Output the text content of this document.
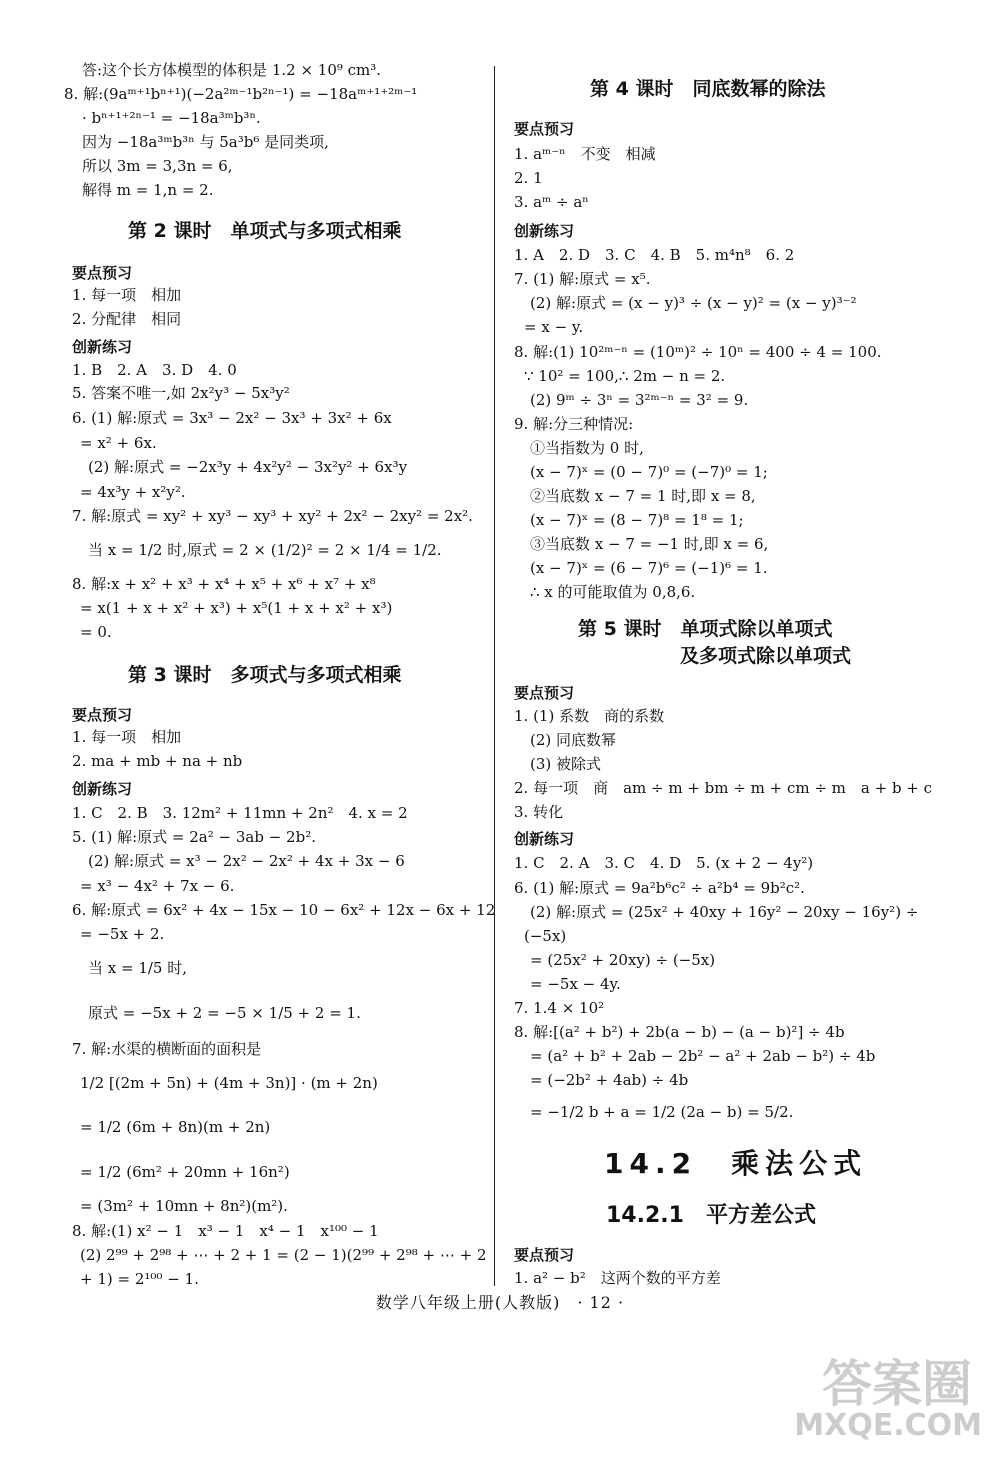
答:这个长方体模型的体积是 1.2 × 10⁹ cm³.
8. 解:(9aᵐ⁺¹bⁿ⁺¹)(−2a²ᵐ⁻¹b²ⁿ⁻¹) = −18aᵐ⁺¹⁺²ᵐ⁻¹
· bⁿ⁺¹⁺²ⁿ⁻¹ = −18a³ᵐb³ⁿ.
因为 −18a³ᵐb³ⁿ 与 5a³b⁶ 是同类项,
所以 3m = 3,3n = 6,
解得 m = 1,n = 2.
第 2 课时　单项式与多项式相乘
要点预习
1. 每一项　相加
2. 分配律　相同
创新练习
1. B　2. A　3. D　4. 0
5. 答案不唯一,如 2x²y³ − 5x³y²
6. (1) 解:原式 = 3x³ − 2x² − 3x³ + 3x² + 6x
= x² + 6x.
(2) 解:原式 = −2x³y + 4x²y² − 3x²y² + 6x³y
= 4x³y + x²y².
7. 解:原式 = xy² + xy³ − xy³ + xy² + 2x² − 2xy² = 2x².
当 x = 1/2 时,原式 = 2 × (1/2)² = 2 × 1/4 = 1/2.
8. 解:x + x² + x³ + x⁴ + x⁵ + x⁶ + x⁷ + x⁸
= x(1 + x + x² + x³) + x⁵(1 + x + x² + x³)
= 0.
第 3 课时　多项式与多项式相乘
要点预习
1. 每一项　相加
2. ma + mb + na + nb
创新练习
1. C　2. B　3. 12m² + 11mn + 2n²　4. x = 2
5. (1) 解:原式 = 2a² − 3ab − 2b².
(2) 解:原式 = x³ − 2x² − 2x² + 4x + 3x − 6
= x³ − 4x² + 7x − 6.
6. 解:原式 = 6x² + 4x − 15x − 10 − 6x² + 12x − 6x + 12
= −5x + 2.
当 x = 1/5 时,
原式 = −5x + 2 = −5 × 1/5 + 2 = 1.
7. 解:水渠的横断面的面积是
1/2 [(2m + 5n) + (4m + 3n)] · (m + 2n)
= 1/2 (6m + 8n)(m + 2n)
= 1/2 (6m² + 20mn + 16n²)
= (3m² + 10mn + 8n²)(m²).
8. 解:(1) x² − 1　x³ − 1　x⁴ − 1　x¹⁰⁰ − 1
(2) 2⁹⁹ + 2⁹⁸ + ⋯ + 2 + 1 = (2 − 1)(2⁹⁹ + 2⁹⁸ + ⋯ + 2
+ 1) = 2¹⁰⁰ − 1.
第 4 课时　同底数幂的除法
要点预习
1. aᵐ⁻ⁿ　不变　相减
2. 1
3. aᵐ ÷ aⁿ
创新练习
1. A　2. D　3. C　4. B　5. m⁴n⁸　6. 2
7. (1) 解:原式 = x⁵.
(2) 解:原式 = (x − y)³ ÷ (x − y)² = (x − y)³⁻²
= x − y.
8. 解:(1) 10²ᵐ⁻ⁿ = (10ᵐ)² ÷ 10ⁿ = 400 ÷ 4 = 100.
∵ 10² = 100,∴ 2m − n = 2.
(2) 9ᵐ ÷ 3ⁿ = 3²ᵐ⁻ⁿ = 3² = 9.
9. 解:分三种情况:
①当指数为 0 时,
(x − 7)ˣ = (0 − 7)⁰ = (−7)⁰ = 1;
②当底数 x − 7 = 1 时,即 x = 8,
(x − 7)ˣ = (8 − 7)⁸ = 1⁸ = 1;
③当底数 x − 7 = −1 时,即 x = 6,
(x − 7)ˣ = (6 − 7)⁶ = (−1)⁶ = 1.
∴ x 的可能取值为 0,8,6.
第 5 课时　单项式除以单项式
及多项式除以单项式
要点预习
1. (1) 系数　商的系数
(2) 同底数幂
(3) 被除式
2. 每一项　商　am ÷ m + bm ÷ m + cm ÷ m　a + b + c
3. 转化
创新练习
1. C　2. A　3. C　4. D　5. (x + 2 − 4y²)
6. (1) 解:原式 = 9a²b⁶c² ÷ a²b⁴ = 9b²c².
(2) 解:原式 = (25x² + 40xy + 16y² − 20xy − 16y²) ÷
(−5x)
= (25x² + 20xy) ÷ (−5x)
= −5x − 4y.
7. 1.4 × 10²
8. 解:[(a² + b²) + 2b(a − b) − (a − b)²] ÷ 4b
= (a² + b² + 2ab − 2b² − a² + 2ab − b²) ÷ 4b
= (−2b² + 4ab) ÷ 4b
= −1/2 b + a = 1/2 (2a − b) = 5/2.
14.2　乘法公式
14.2.1　平方差公式
要点预习
1. a² − b²　这两个数的平方差
数学八年级上册(人教版)　· 12 ·
答案圈
MXQE.COM
